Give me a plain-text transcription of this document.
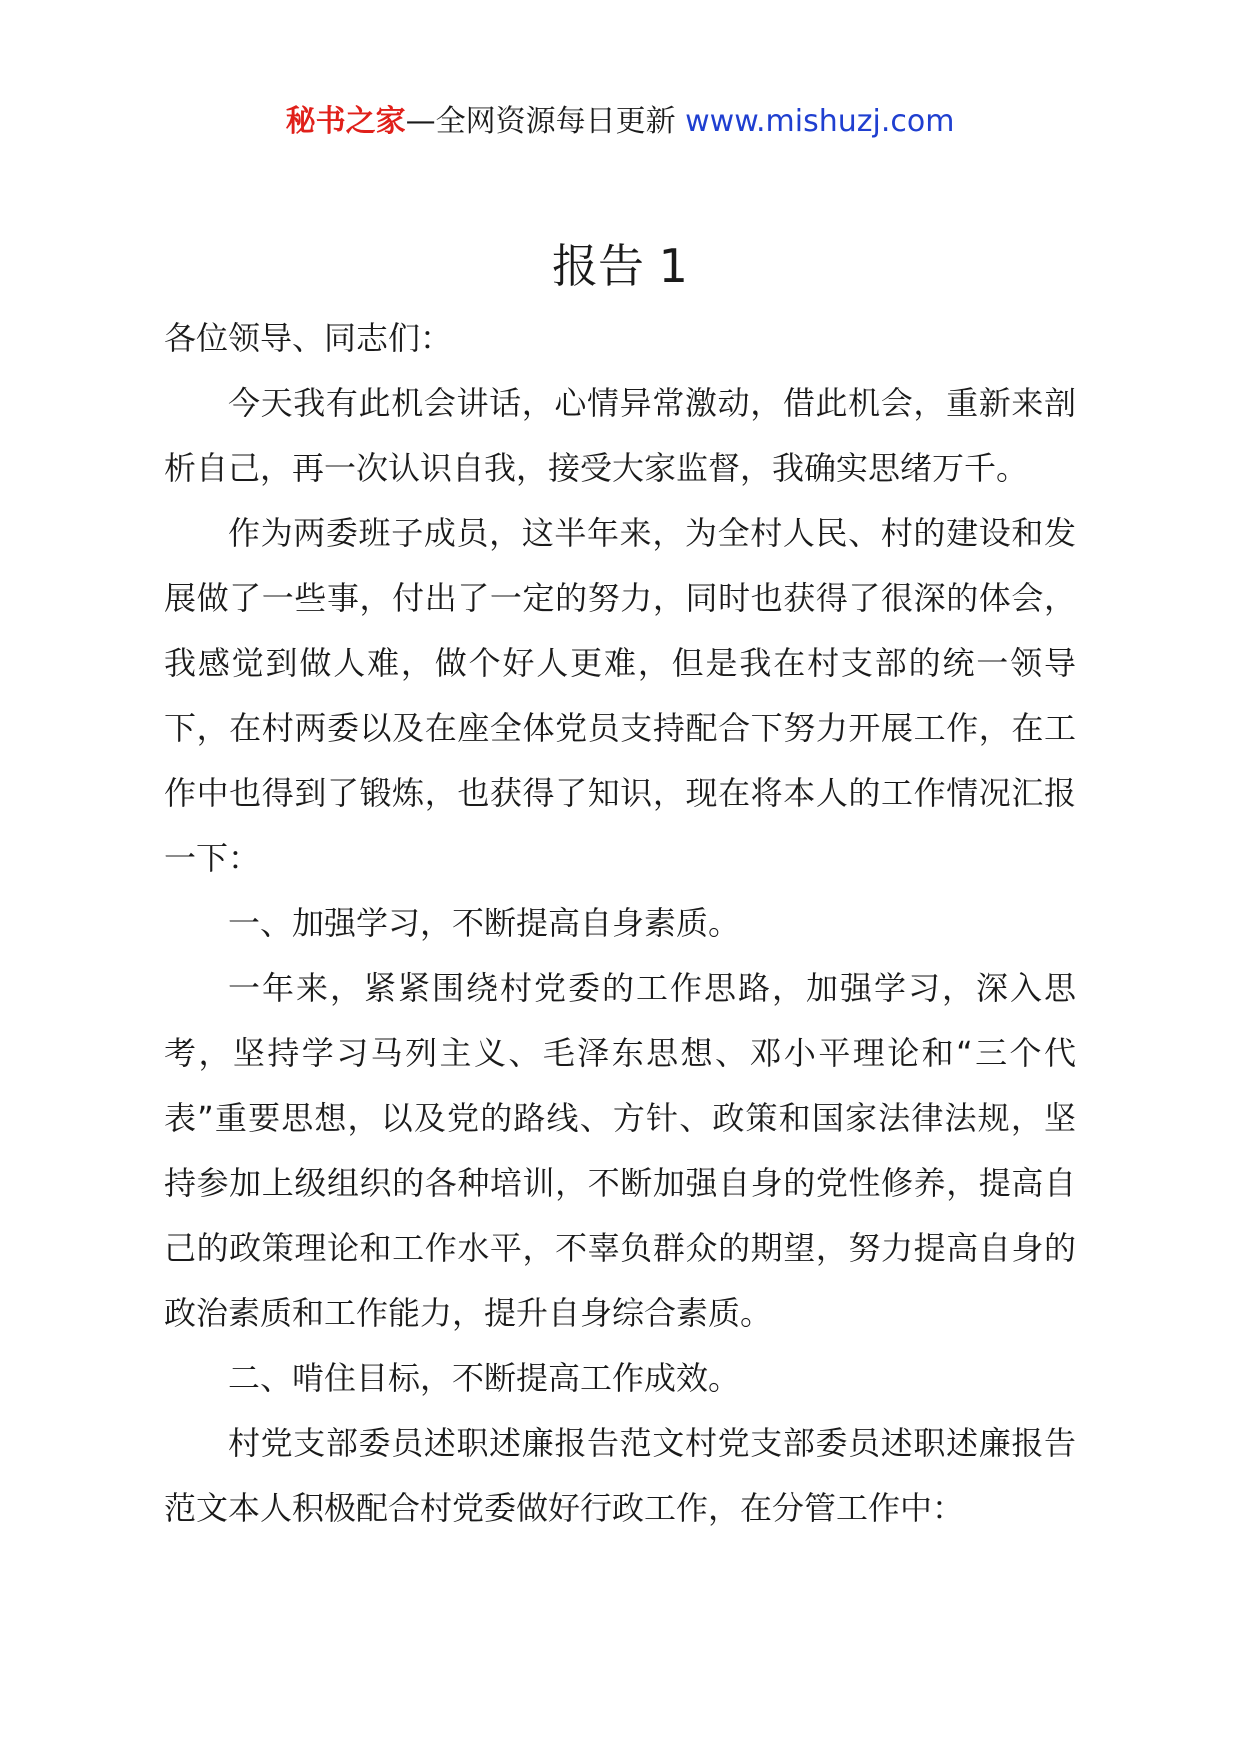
秘书之家—全网资源每日更新 www.mishuzj.com
报告 1

各位领导、同志们：

今天我有此机会讲话，心情异常激动，借此机会，重新来剖析自己，再一次认识自我，接受大家监督，我确实思绪万千。

作为两委班子成员，这半年来，为全村人民、村的建设和发展做了一些事，付出了一定的努力，同时也获得了很深的体会，我感觉到做人难，做个好人更难，但是我在村支部的统一领导下，在村两委以及在座全体党员支持配合下努力开展工作，在工作中也得到了锻炼，也获得了知识，现在将本人的工作情况汇报一下：

一、加强学习，不断提高自身素质。

一年来，紧紧围绕村党委的工作思路，加强学习，深入思考，坚持学习马列主义、毛泽东思想、邓小平理论和“三个代表”重要思想，以及党的路线、方针、政策和国家法律法规，坚持参加上级组织的各种培训，不断加强自身的党性修养，提高自己的政策理论和工作水平，不辜负群众的期望，努力提高自身的政治素质和工作能力，提升自身综合素质。

二、啃住目标，不断提高工作成效。

村党支部委员述职述廉报告范文村党支部委员述职述廉报告范文本人积极配合村党委做好行政工作，在分管工作中：
